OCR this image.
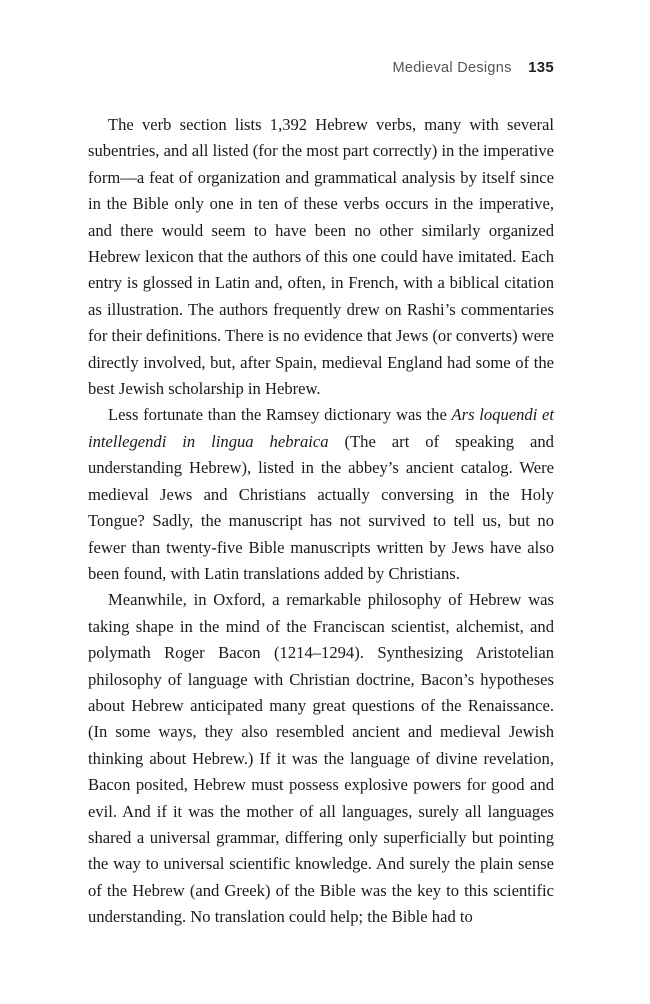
Medieval Designs 135

The verb section lists 1,392 Hebrew verbs, many with several subentries, and all listed (for the most part correctly) in the imperative form—a feat of organization and grammatical analysis by itself since in the Bible only one in ten of these verbs occurs in the imperative, and there would seem to have been no other similarly organized Hebrew lexicon that the authors of this one could have imitated. Each entry is glossed in Latin and, often, in French, with a biblical citation as illustration. The authors frequently drew on Rashi’s commentaries for their definitions. There is no evidence that Jews (or converts) were directly involved, but, after Spain, medieval England had some of the best Jewish scholarship in Hebrew.

Less fortunate than the Ramsey dictionary was the Ars loquendi et intellegendi in lingua hebraica (The art of speaking and understanding Hebrew), listed in the abbey’s ancient catalog. Were medieval Jews and Christians actually conversing in the Holy Tongue? Sadly, the manuscript has not survived to tell us, but no fewer than twenty-five Bible manuscripts written by Jews have also been found, with Latin translations added by Christians.

Meanwhile, in Oxford, a remarkable philosophy of Hebrew was taking shape in the mind of the Franciscan scientist, alchemist, and polymath Roger Bacon (1214–1294). Synthesizing Aristotelian philosophy of language with Christian doctrine, Bacon’s hypotheses about Hebrew anticipated many great questions of the Renaissance. (In some ways, they also resembled ancient and medieval Jewish thinking about Hebrew.) If it was the language of divine revelation, Bacon posited, Hebrew must possess explosive powers for good and evil. And if it was the mother of all languages, surely all languages shared a universal grammar, differing only superficially but pointing the way to universal scientific knowledge. And surely the plain sense of the Hebrew (and Greek) of the Bible was the key to this scientific understanding. No translation could help; the Bible had to
